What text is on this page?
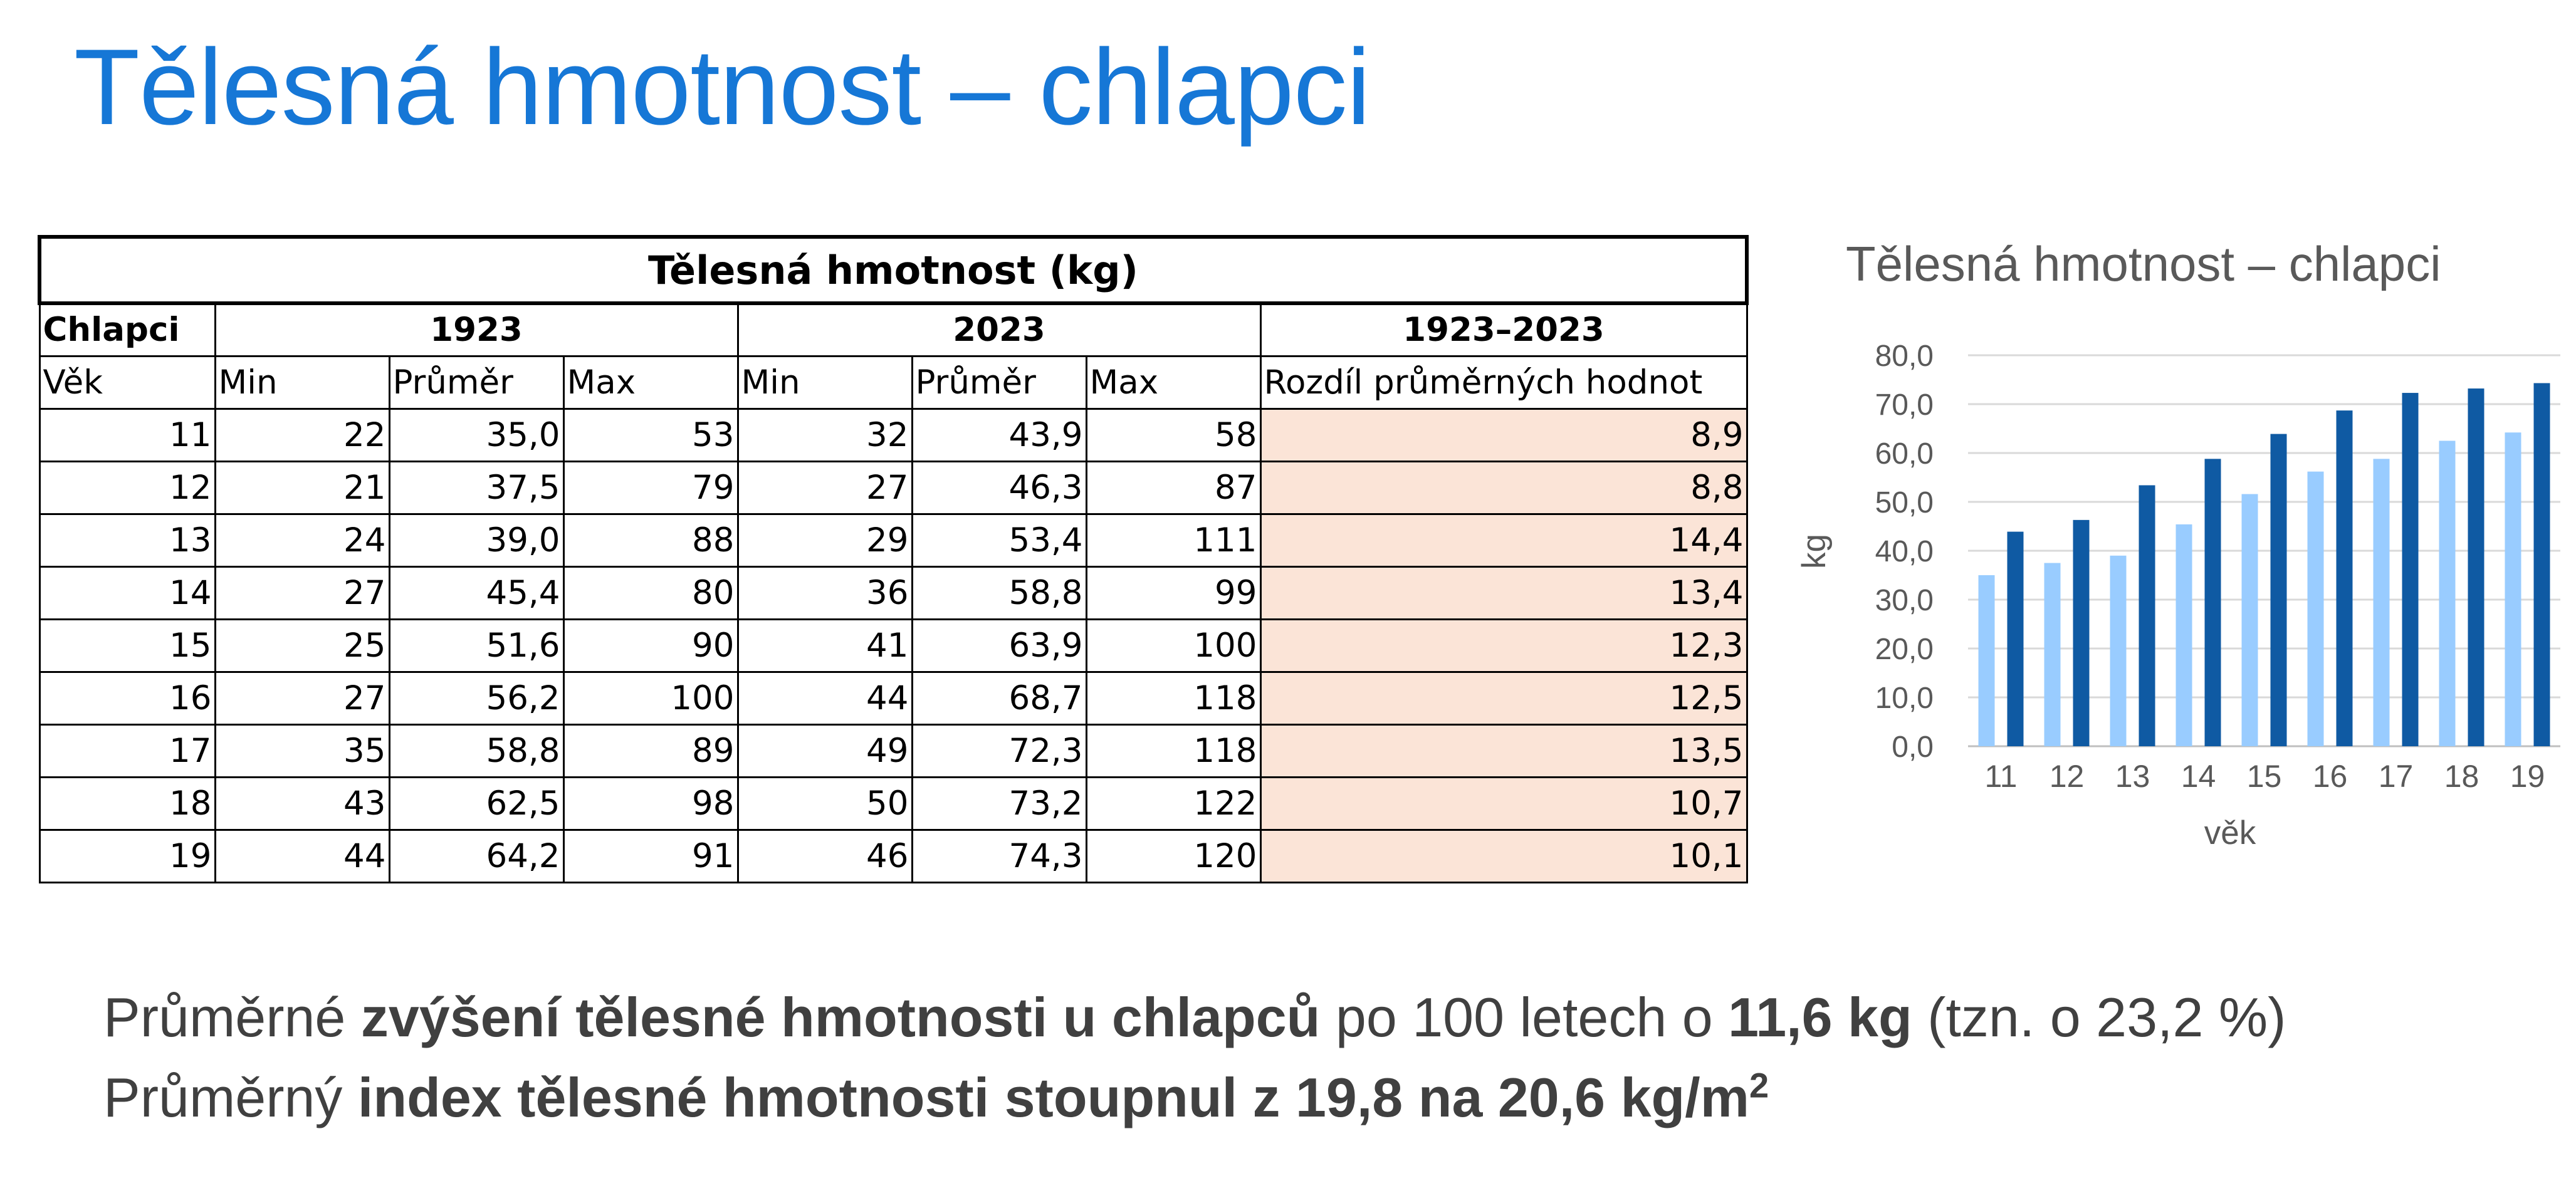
Tělesná hmotnost – chlapci
Tělesná hmotnost (kg)							
Chlapci	1923			2023			1923–2023
Věk	Min	Průměr	Max	Min	Průměr	Max	Rozdíl průměrných hodnot
11	22	35,0	53	32	43,9	58	8,9
12	21	37,5	79	27	46,3	87	8,8
13	24	39,0	88	29	53,4	111	14,4
14	27	45,4	80	36	58,8	99	13,4
15	25	51,6	90	41	63,9	100	12,3
16	27	56,2	100	44	68,7	118	12,5
17	35	58,8	89	49	72,3	118	13,5
18	43	62,5	98	50	73,2	122	10,7
19	44	64,2	91	46	74,3	120	10,1
Tělesná hmotnost – chlapci
0,0
10,0
20,0
30,0
40,0
50,0
60,0
70,0
80,0
11 12 13 14 15 16 17 18 19
věk
kg
Průměrné zvýšení tělesné hmotnosti u chlapců po 100 letech o 11,6 kg (tzn. o 23,2 %)
Průměrný index tělesné hmotnosti stoupnul z 19,8 na 20,6 $kg/m^2$
